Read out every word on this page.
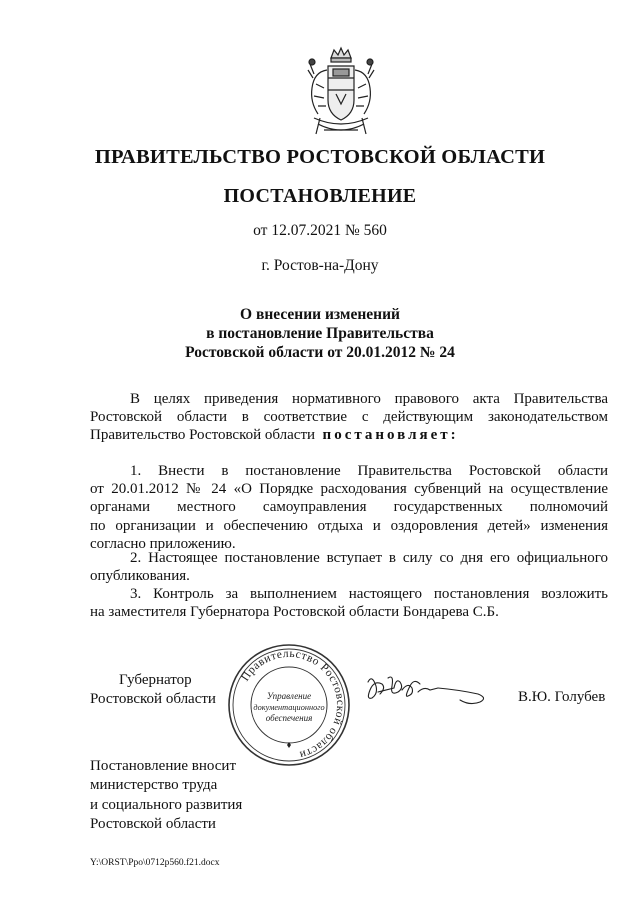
ПРАВИТЕЛЬСТВО РОСТОВСКОЙ ОБЛАСТИ
ПОСТАНОВЛЕНИЕ
от 12.07.2021 № 560
г. Ростов-на-Дону
О внесении изменений
в постановление Правительства
Ростовской области от 20.01.2012 № 24
В целях приведения нормативного правового акта Правительства
Ростовской области в соответствие с действующим законодательством
Правительство Ростовской области постановляет:
1. Внести в постановление Правительства Ростовской области
от 20.01.2012 № 24 «О Порядке расходования субвенций на осуществление
органами местного самоуправления государственных полномочий
по организации и обеспечению отдыха и оздоровления детей» изменения
согласно приложению.
2. Настоящее постановление вступает в силу со дня его официального
опубликования.
3. Контроль за выполнением настоящего постановления возложить
на заместителя Губернатора Ростовской области Бондарева С.Б.
Губернатор
Ростовской области
Правительство Ростовской области
Управление
документационного
обеспечения
В.Ю. Голубев
Постановление вносит
министерство труда
и социального развития
Ростовской области
Y:\ORST\Ppo\0712p560.f21.docx
